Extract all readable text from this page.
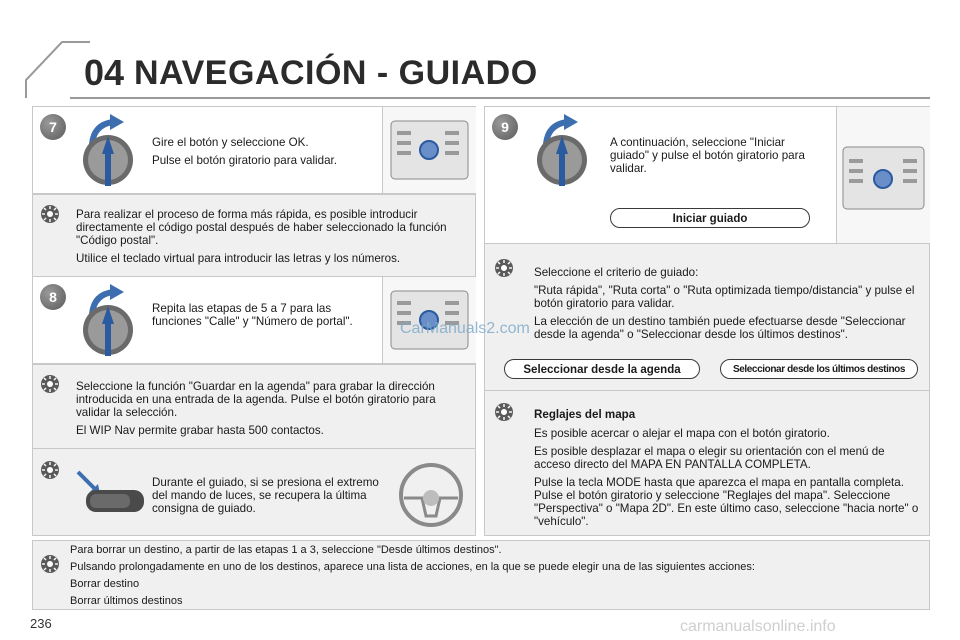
04 NAVEGACIÓN - GUIADO
7

Gire el botón y seleccione OK.

Pulse el botón giratorio para validar.

Para realizar el proceso de forma más rápida, es posible introducir directamente el código postal después de haber seleccionado la función "Código postal".

Utilice el teclado virtual para introducir las letras y los números.

8

Repita las etapas de 5 a 7 para las funciones "Calle" y "Número de portal".

Seleccione la función "Guardar en la agenda" para grabar la dirección introducida en una entrada de la agenda. Pulse el botón giratorio para validar la selección.

El WIP Nav permite grabar hasta 500 contactos.

Durante el guiado, si se presiona el extremo del mando de luces, se recupera la última consigna de guiado.

9

A continuación, seleccione "Iniciar guiado" y pulse el botón giratorio para validar.

Iniciar guiado

Seleccione el criterio de guiado:

"Ruta rápida", "Ruta corta" o "Ruta optimizada tiempo/distancia" y pulse el botón giratorio para validar.

La elección de un destino también puede efectuarse desde "Seleccionar desde la agenda" o "Seleccionar desde los últimos destinos".

Seleccionar desde la agenda	Seleccionar desde los últimos destinos
Reglajes del mapa

Es posible acercar o alejar el mapa con el botón giratorio.

Es posible desplazar el mapa o elegir su orientación con el menú de acceso directo del MAPA EN PANTALLA COMPLETA.

Pulse la tecla MODE hasta que aparezca el mapa en pantalla completa. Pulse el botón giratorio y seleccione "Reglajes del mapa". Seleccione "Perspectiva" o "Mapa 2D". En este último caso, seleccione "hacia norte" o "vehículo".

Para borrar un destino, a partir de las etapas 1 a 3, seleccione "Desde últimos destinos".

Pulsando prolongadamente en uno de los destinos, aparece una lista de acciones, en la que se puede elegir una de las siguientes acciones:

Borrar destino

Borrar últimos destinos

236
CarManuals2.com
carmanualsonline.info
